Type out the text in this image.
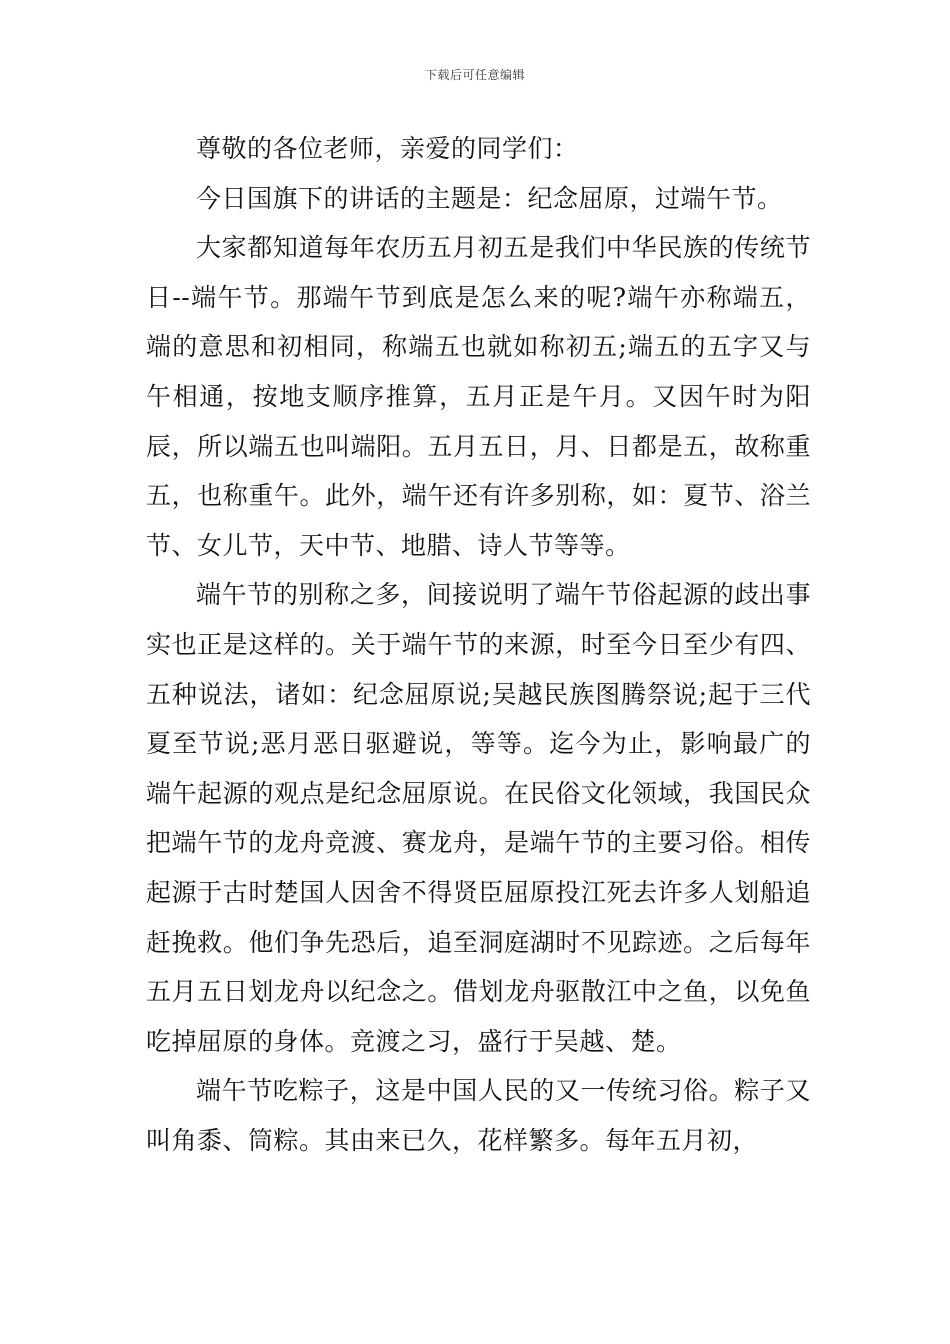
下载后可任意编辑

尊敬的各位老师，亲爱的同学们：

今日国旗下的讲话的主题是：纪念屈原，过端午节。

大家都知道每年农历五月初五是我们中华民族的传统节日--端午节。那端午节到底是怎么来的呢?端午亦称端五，端的意思和初相同，称端五也就如称初五;端五的五字又与午相通，按地支顺序推算，五月正是午月。又因午时为阳辰，所以端五也叫端阳。五月五日，月、日都是五，故称重五，也称重午。此外，端午还有许多别称，如：夏节、浴兰节、女儿节，天中节、地腊、诗人节等等。

端午节的别称之多，间接说明了端午节俗起源的歧出事实也正是这样的。关于端午节的来源，时至今日至少有四、五种说法，诸如：纪念屈原说;吴越民族图腾祭说;起于三代夏至节说;恶月恶日驱避说，等等。迄今为止，影响最广的端午起源的观点是纪念屈原说。在民俗文化领域，我国民众把端午节的龙舟竞渡、赛龙舟，是端午节的主要习俗。相传起源于古时楚国人因舍不得贤臣屈原投江死去许多人划船追赶挽救。他们争先恐后，追至洞庭湖时不见踪迹。之后每年五月五日划龙舟以纪念之。借划龙舟驱散江中之鱼，以免鱼吃掉屈原的身体。竞渡之习，盛行于吴越、楚。

端午节吃粽子，这是中国人民的又一传统习俗。粽子又叫角黍、筒粽。其由来已久，花样繁多。每年五月初，
